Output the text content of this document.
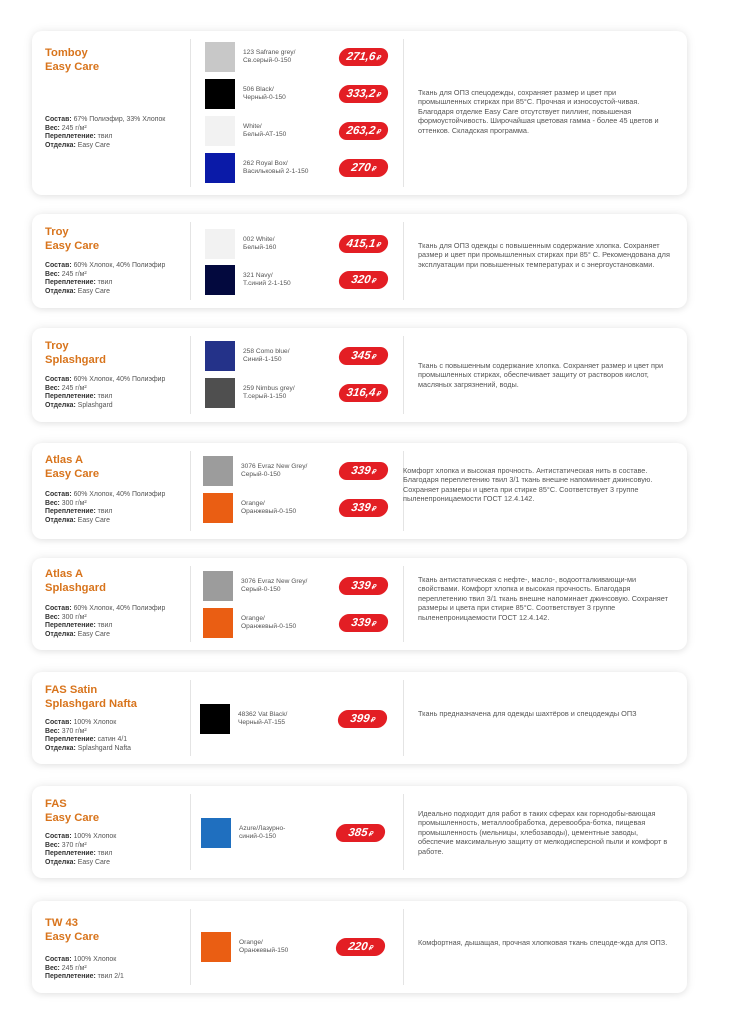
Tomboy
Easy Care
Состав: 67% Полиэфир, 33% Хлопок
Вес: 245 г/м²
Переплетение: твил
Отделка: Easy Care
123 Safrane grey/
Св.серый-0-150	271,6₽
506 Black/
Черный-0-150	333,2₽
White/
Белый-АТ-150	263,2₽
262 Royal Box/
Васильковый 2-1-150	270₽
Ткань для ОПЗ спецодежды, сохраняет размер и цвет при промышленных стирках при 85°C. Прочная и износоустой-чивая. Благодаря отделке Easy Care отсутствует пиллинг, повышеная формоустойчивость. Широчайшая цветовая гамма - более 45 цветов и оттенков. Складская программа.
Troy
Easy Care
Состав: 60% Хлопок, 40% Полиэфир
Вес: 245 г/м²
Переплетение: твил
Отделка: Easy Care
002 White/
Белый-160	415,1₽
321 Navy/
Т.синий 2-1-150	320₽
Ткань для ОПЗ одежды с повышенным содержание хлопка. Сохраняет размер и цвет при промышленных стирках при 85° С. Рекомендована для эксплуатации при повышенных температурах и с энергоустановками.
Troy
Splashgard
Состав: 60% Хлопок, 40% Полиэфир
Вес: 245 г/м²
Переплетение: твил
Отделка: Splashgard
258 Como blue/
Синий-1-150	345₽
259 Nimbus grey/
Т.серый-1-150	316,4₽
Ткань с повышенным содержание хлопка. Сохраняет размер и цвет при промышленных стирках, обеспечивает защиту от растворов кислот, масляных загрязнений, воды.
Atlas A
Easy Care
Состав: 60% Хлопок, 40% Полиэфир
Вес: 300 г/м²
Переплетение: твил
Отделка: Easy Care
3076 Evraz New Grey/
Серый-0-150	339₽
Orange/
Оранжевый-0-150	339₽
Комфорт хлопка и высокая прочность. Антистатическая нить в составе. Благодаря переплетению твил 3/1 ткань внешне напоминает джинсовую. Сохраняет размеры и цвета при стирке 85°С. Соответствует 3 группе пыленепроницаемости ГОСТ 12.4.142.
Atlas A
Splashgard
Состав: 60% Хлопок, 40% Полиэфир
Вес: 300 г/м²
Переплетение: твил
Отделка: Easy Care
3076 Evraz New Grey/
Серый-0-150	339₽
Orange/
Оранжевый-0-150	339₽
Ткань антистатическая с нефте-, масло-, водоотталкивающи-ми свойствами. Комфорт хлопка и высокая прочность. Благодаря переплетению твил 3/1 ткань внешне напоминает джинсовую. Сохраняет размеры и цвета при стирке 85°С. Соответствует 3 группе пыленепроницаемости ГОСТ 12.4.142.
FAS Satin
Splashgard Nafta
Состав: 100% Хлопок
Вес: 370 г/м²
Переплетение: сатин 4/1
Отделка: Splashgard Nafta
48362 Vat Black/
Черный-АТ-155	399₽
Ткань предназначена для одежды шахтёров и спецодежды ОПЗ
FAS
Easy Care
Состав: 100% Хлопок
Вес: 370 г/м²
Переплетение: твил
Отделка: Easy Care
Azure/Лазурно-
синий-0-150	385₽
Идеально подходит для работ в таких сферах как горнодобы-вающая промышленность, металлообработка, деревообра-ботка, пищевая промышленность (мельницы, хлебозаводы), цементные заводы, обеспечие максимальную защиту от мелкодисперсной пыли и комфорт в работе.
TW 43
Easy Care
Состав: 100% Хлопок
Вес: 245 г/м²
Переплетение: твил 2/1
Orange/
Оранжевый-150	220₽
Комфортная, дышащая, прочная хлопковая ткань спецоде-жда для ОПЗ.
